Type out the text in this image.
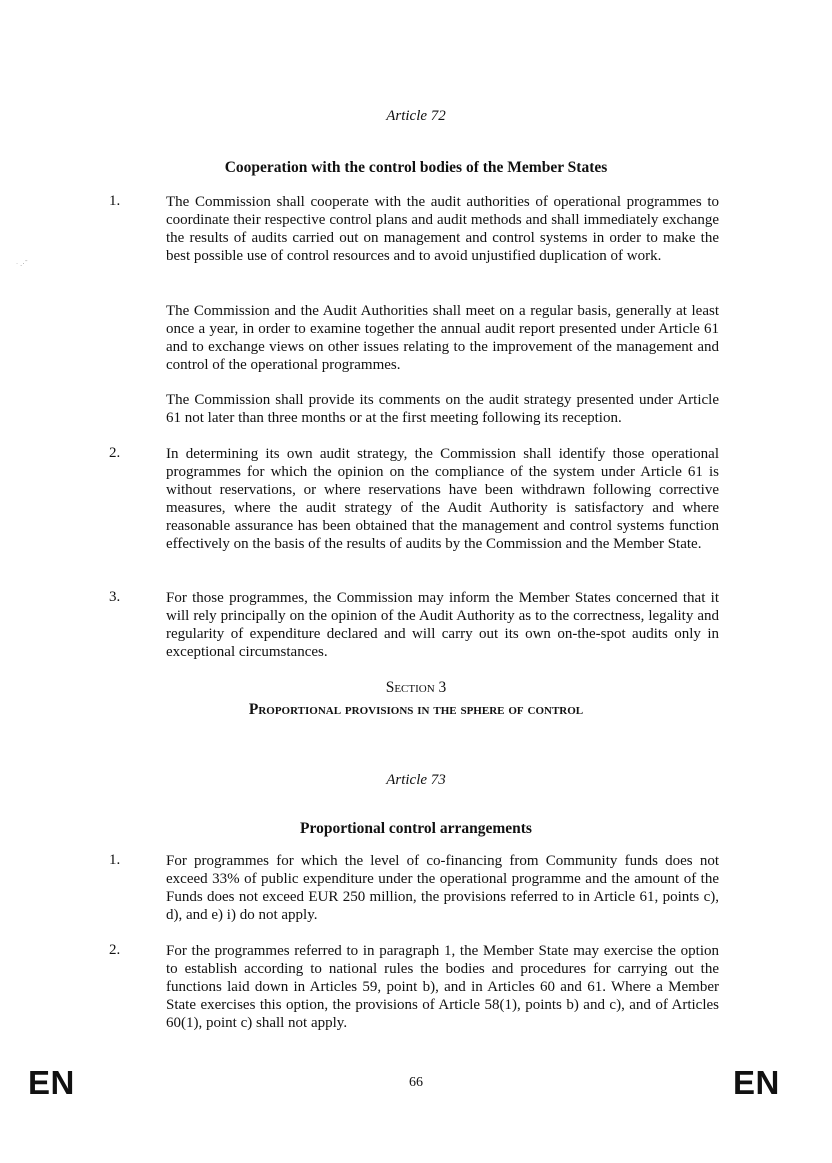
ᐧ .·ˉ
Article 72
Cooperation with the control bodies of the Member States
1.	The Commission shall cooperate with the audit authorities of operational programmes to coordinate their respective control plans and audit methods and shall immediately exchange the results of audits carried out on management and control systems in order to make the best possible use of control resources and to avoid unjustified duplication of work.

The Commission and the Audit Authorities shall meet on a regular basis, generally at least once a year, in order to examine together the annual audit report presented under Article 61 and to exchange views on other issues relating to the improvement of the management and control of the operational programmes.

The Commission shall provide its comments on the audit strategy presented under Article 61 not later than three months or at the first meeting following its reception.

2.	In determining its own audit strategy, the Commission shall identify those operational programmes for which the opinion on the compliance of the system under Article 61 is without reservations, or where reservations have been withdrawn following corrective measures, where the audit strategy of the Audit Authority is satisfactory and where reasonable assurance has been obtained that the management and control systems function effectively on the basis of the results of audits by the Commission and the Member State.

3.	For those programmes, the Commission may inform the Member States concerned that it will rely principally on the opinion of the Audit Authority as to the correctness, legality and regularity of expenditure declared and will carry out its own on-the-spot audits only in exceptional circumstances.

Section 3
Proportional provisions in the sphere of control
Article 73
Proportional control arrangements
1.	For programmes for which the level of co-financing from Community funds does not exceed 33% of public expenditure under the operational programme and the amount of the Funds does not exceed EUR 250 million, the provisions referred to in Article 61, points c), d), and e) i) do not apply.

2.	For the programmes referred to in paragraph 1, the Member State may exercise the option to establish according to national rules the bodies and procedures for carrying out the functions laid down in Articles 59, point b), and in Articles 60 and 61. Where a Member State exercises this option, the provisions of Article 58(1), points b) and c), and of Articles 60(1), point c) shall not apply.

EN	66	EN
